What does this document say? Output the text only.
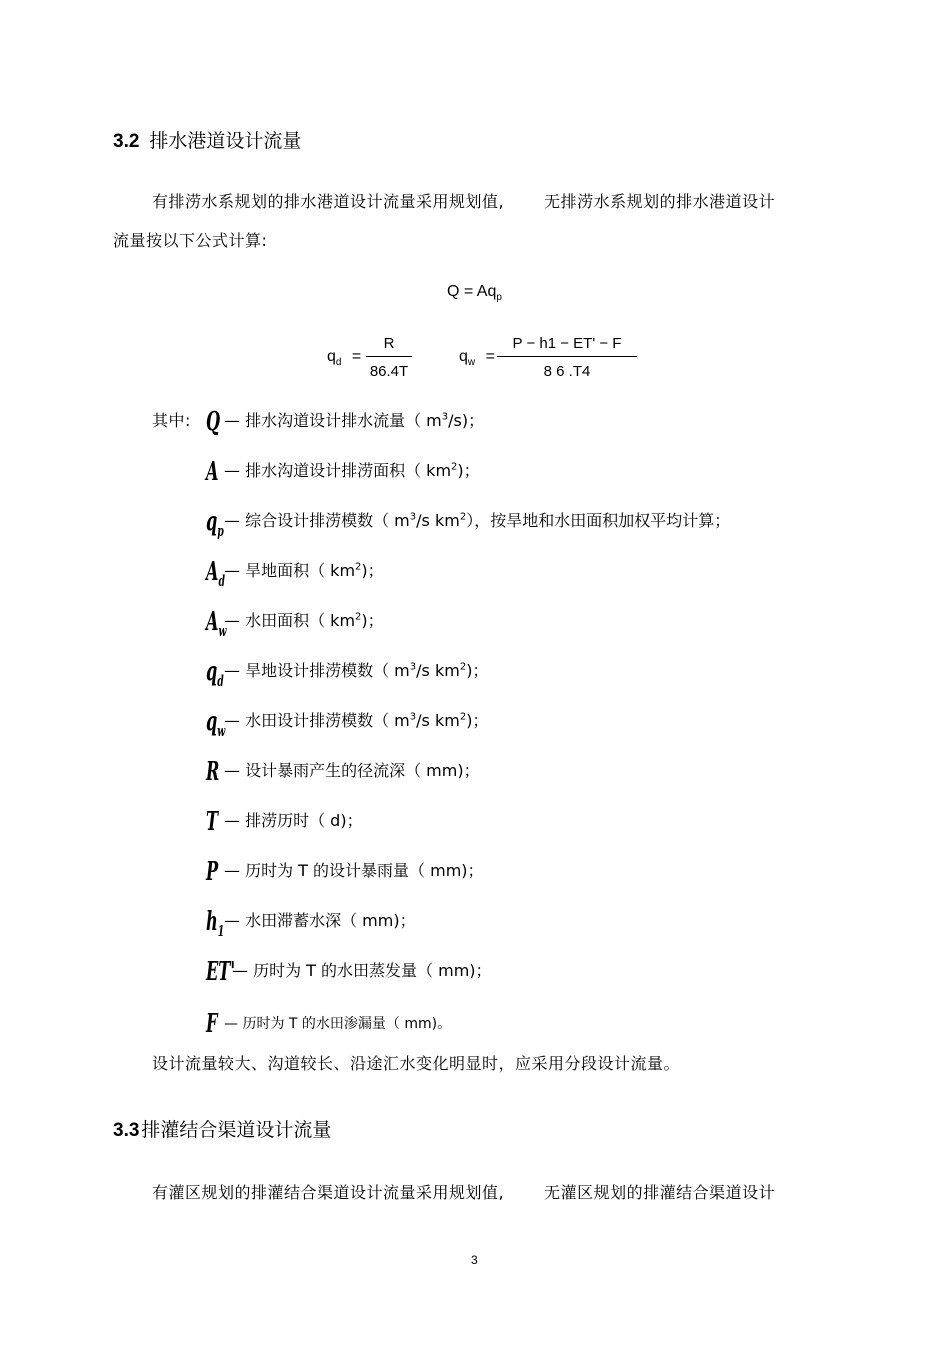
3.2 排水港道设计流量
有排涝水系规划的排水港道设计流量采用规划值,	无排涝水系规划的排水港道设计
流量按以下公式计算:
$Q = Aq_p$
$q_d$ =
R
86.4T
$q_w$ =
P − h1 − ET' − F
8 6 .T4
其中: Q — 排水沟道设计排水流量（ $m^3/s$)；
A — 排水沟道设计排涝面积（ $km^2$)；
$q_p—$ 综合设计排涝模数（ $m^3/s$ $km^2$），按旱地和水田面积加权平均计算；
$A_d—$ 旱地面积（ $km^2$)；
$A_w—$ 水田面积（ $km^2$)；
$q_d—$ 旱地设计排涝模数（ $m^3/s$ $km^2$)；
$q_w—$ 水田设计排涝模数（ $m^3/s$ $km^2$)；
R — 设计暴雨产生的径流深（ mm)；
T — 排涝历时（ d)；
P — 历时为 T 的设计暴雨量（ mm)；
$h_1—$ 水田滞蓄水深（ mm)；
ET'— 历时为 T 的水田蒸发量（ mm)；
F — 历时为 T 的水田渗漏量（ mm)。
设计流量较大、沟道较长、沿途汇水变化明显时，应采用分段设计流量。
3.3 排灌结合渠道设计流量
有灌区规划的排灌结合渠道设计流量采用规划值,	无灌区规划的排灌结合渠道设计
3
